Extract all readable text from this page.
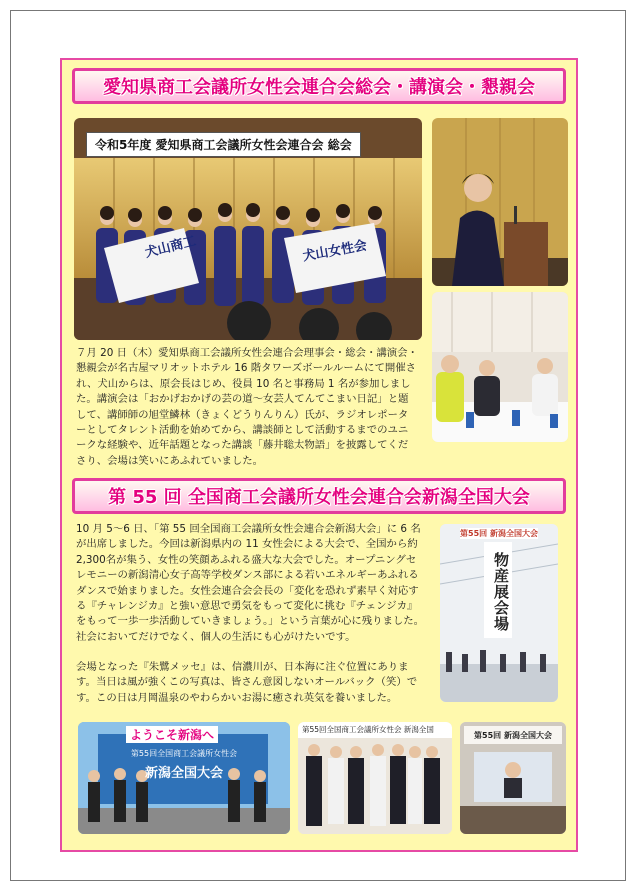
愛知県商工会議所女性会連合会総会・講演会・懇親会
犬山商工	犬山女性会
令和5年度 愛知県商工会議所女性会連合会 総会

７月 20 日（木）愛知県商工会議所女性会連合会理事会・総会・講演会・懇親会が名古屋マリオットホテル 16 階タワーズボールルームにて開催され、犬山からは、原会長はじめ、役員 10 名と事務局 1 名が参加しました。講演会は「おかげおかげの芸の道〜女芸人てんてこまい日記」と題して、講師師の旭堂鱗林（きょくどうりんりん）氏が、ラジオレポーターとしてタレント活動を始めてから、講談師として活動するまでのユニークな経験や、近年話題となった講談「藤井聡太物語」を披露してくださり、会場は笑いにあふれていました。

第 55 回 全国商工会議所女性会連合会新潟全国大会

10 月 5〜6 日、「第 55 回全国商工会議所女性会連合会新潟大会」に 6 名が出席しました。今回は新潟県内の 11 女性会による大会で、全国から約2,300名が集う、女性の笑顔あふれる盛大な大会でした。オープニングセレモニーの新潟清心女子高等学校ダンス部による若いエネルギーあふれるダンスで始まりました。女性会連合会会長の「変化を恐れず素早く対応する『チャレンジカ』と強い意思で勇気をもって変化に挑む『チェンジカ』をもって一歩一歩活動していきましょう。」という言葉が心に残りました。社会においてだけでなく、個人の生活にも心がけたいです。

会場となった『朱鷺メッセ』は、信濃川が、日本海に注ぐ位置にあります。当日は風が強くこの写真は、皆さん意図しないオールバック（笑）です。この日は月岡温泉のやわらかいお湯に癒され英気を養いました。

第55回 新潟全国大会
物産展会場
ようこそ新潟へ
第55回全国商工会議所女性会
新潟全国大会
第55回全国商工会議所女性会 新潟全国
第55回 新潟全国大会
